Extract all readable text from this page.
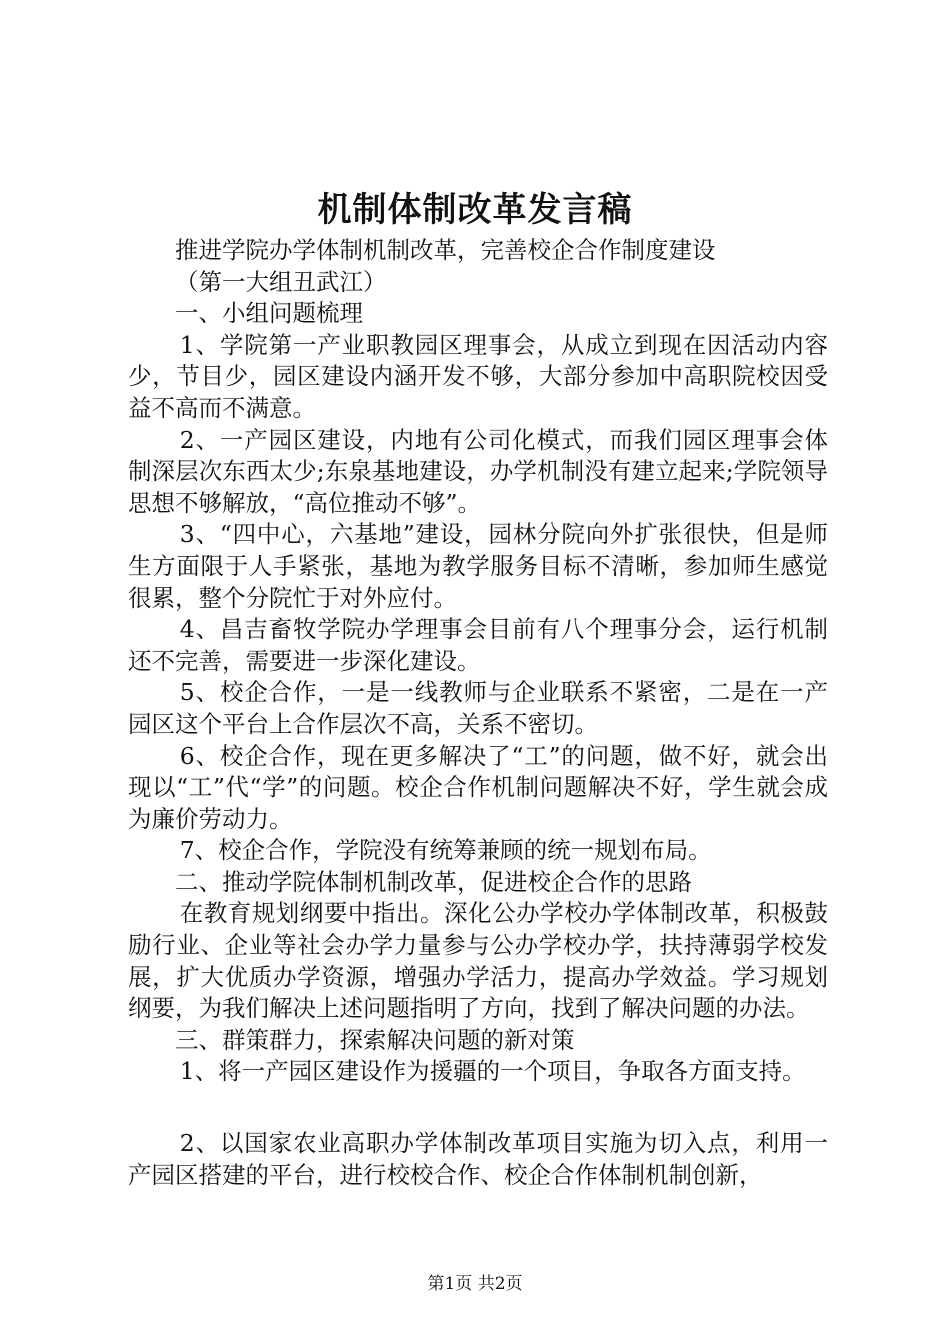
机制体制改革发言稿

推进学院办学体制机制改革，完善校企合作制度建设

（第一大组丑武江）

一、小组问题梳理

1、学院第一产业职教园区理事会，从成立到现在因活动内容少，节目少，园区建设内涵开发不够，大部分参加中高职院校因受益不高而不满意。

2、一产园区建设，内地有公司化模式，而我们园区理事会体制深层次东西太少;东泉基地建设，办学机制没有建立起来;学院领导思想不够解放，“高位推动不够”。

3、“四中心，六基地”建设，园林分院向外扩张很快，但是师生方面限于人手紧张，基地为教学服务目标不清晰，参加师生感觉很累，整个分院忙于对外应付。

4、昌吉畜牧学院办学理事会目前有八个理事分会，运行机制还不完善，需要进一步深化建设。

5、校企合作，一是一线教师与企业联系不紧密，二是在一产园区这个平台上合作层次不高，关系不密切。

6、校企合作，现在更多解决了“工”的问题，做不好，就会出现以“工”代“学”的问题。校企合作机制问题解决不好，学生就会成为廉价劳动力。

7、校企合作，学院没有统筹兼顾的统一规划布局。

二、推动学院体制机制改革，促进校企合作的思路

在教育规划纲要中指出。深化公办学校办学体制改革，积极鼓励行业、企业等社会办学力量参与公办学校办学，扶持薄弱学校发展，扩大优质办学资源，增强办学活力，提高办学效益。学习规划纲要，为我们解决上述问题指明了方向，找到了解决问题的办法。

三、群策群力，探索解决问题的新对策

1、将一产园区建设作为援疆的一个项目，争取各方面支持。

2、以国家农业高职办学体制改革项目实施为切入点，利用一产园区搭建的平台，进行校校合作、校企合作体制机制创新，

第1页 共2页
